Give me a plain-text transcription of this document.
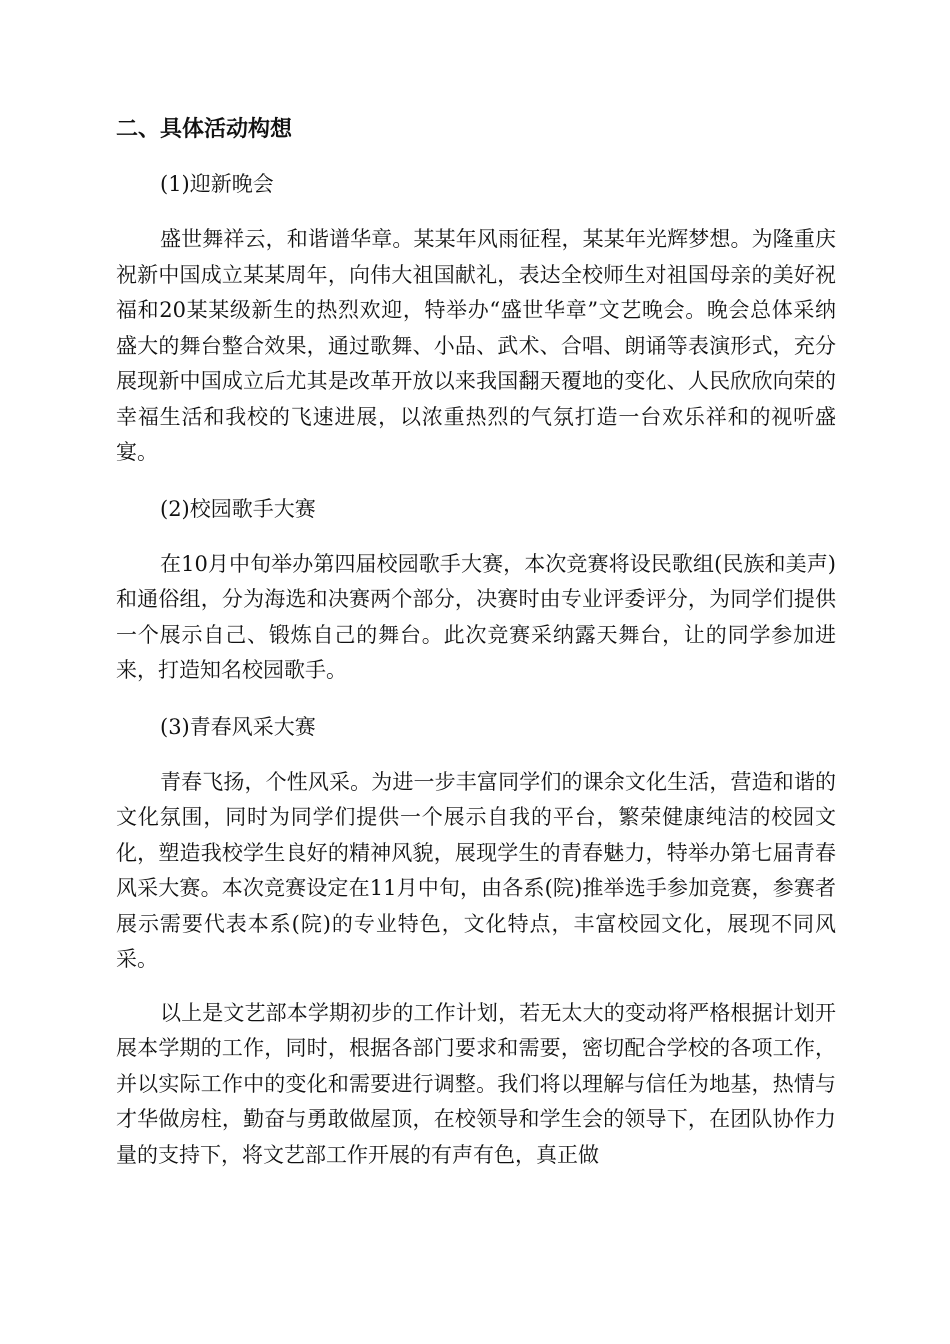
二、具体活动构想
(1)迎新晚会

盛世舞祥云，和谐谱华章。某某年风雨征程，某某年光辉梦想。为隆重庆祝新中国成立某某周年，向伟大祖国献礼，表达全校师生对祖国母亲的美好祝福和20某某级新生的热烈欢迎，特举办“盛世华章”文艺晚会。晚会总体采纳盛大的舞台整合效果，通过歌舞、小品、武术、合唱、朗诵等表演形式，充分展现新中国成立后尤其是改革开放以来我国翻天覆地的变化、人民欣欣向荣的幸福生活和我校的飞速进展，以浓重热烈的气氛打造一台欢乐祥和的视听盛宴。

(2)校园歌手大赛

在10月中旬举办第四届校园歌手大赛，本次竞赛将设民歌组(民族和美声)和通俗组，分为海选和决赛两个部分，决赛时由专业评委评分，为同学们提供一个展示自己、锻炼自己的舞台。此次竞赛采纳露天舞台，让的同学参加进来，打造知名校园歌手。

(3)青春风采大赛

青春飞扬，个性风采。为进一步丰富同学们的课余文化生活，营造和谐的文化氛围，同时为同学们提供一个展示自我的平台，繁荣健康纯洁的校园文化，塑造我校学生良好的精神风貌，展现学生的青春魅力，特举办第七届青春风采大赛。本次竞赛设定在11月中旬，由各系(院)推举选手参加竞赛，参赛者展示需要代表本系(院)的专业特色，文化特点，丰富校园文化，展现不同风采。

以上是文艺部本学期初步的工作计划，若无太大的变动将严格根据计划开展本学期的工作，同时，根据各部门要求和需要，密切配合学校的各项工作，并以实际工作中的变化和需要进行调整。我们将以理解与信任为地基，热情与才华做房柱，勤奋与勇敢做屋顶，在校领导和学生会的领导下，在团队协作力量的支持下，将文艺部工作开展的有声有色，真正做
